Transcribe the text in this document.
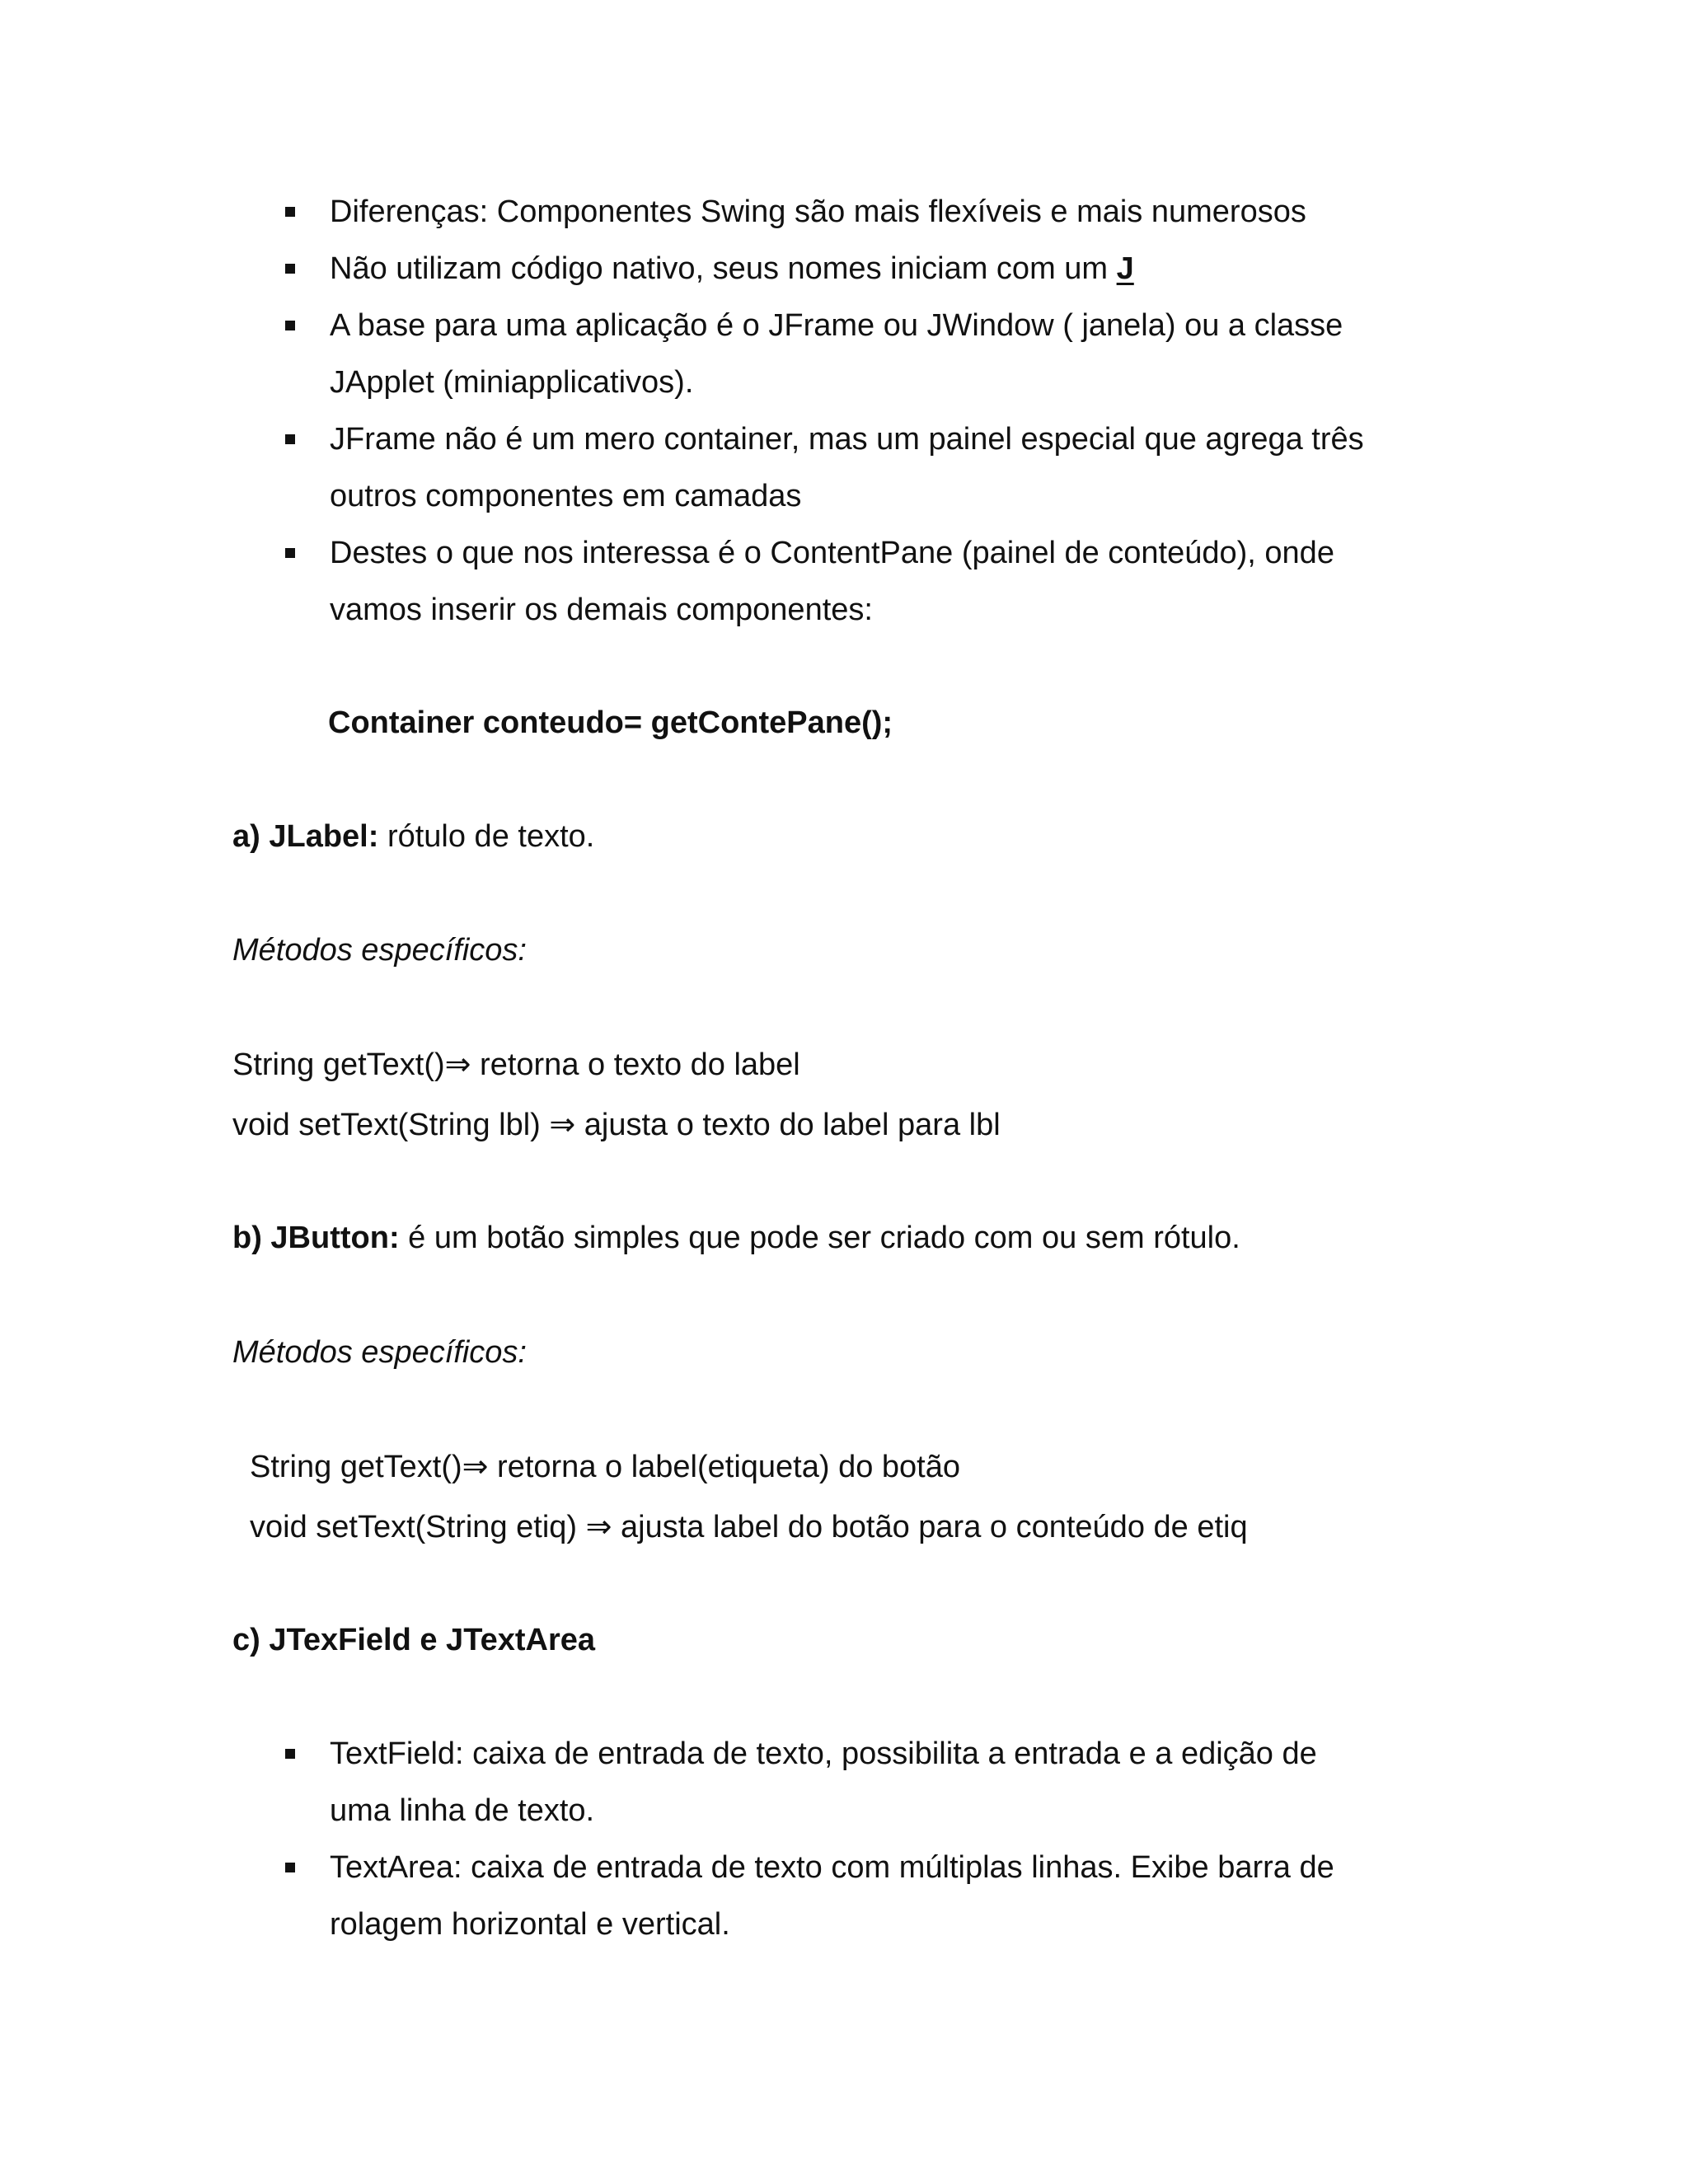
Diferenças: Componentes Swing são mais flexíveis e mais numerosos

Não utilizam código nativo, seus nomes iniciam com um J

A base para uma aplicação é o JFrame ou JWindow ( janela) ou a classe

JApplet (miniapplicativos).

JFrame não é um mero container, mas um painel especial que agrega três

outros componentes em camadas

Destes o que nos interessa é o ContentPane (painel de conteúdo), onde

vamos inserir os demais componentes:

Container conteudo= getContePane();

a) JLabel: rótulo de texto.

Métodos específicos:

String getText()⇒ retorna o texto do label

void setText(String lbl) ⇒ ajusta o texto do label para lbl

b) JButton: é um botão simples que pode ser criado com ou sem rótulo.

Métodos específicos:

String getText()⇒ retorna o label(etiqueta) do botão

void setText(String etiq) ⇒ ajusta label do botão para o conteúdo de etiq

c) JTexField e JTextArea

TextField: caixa de entrada de texto, possibilita a entrada e a edição de

uma linha de texto.

TextArea: caixa de entrada de texto com múltiplas linhas. Exibe barra de

rolagem horizontal e vertical.
